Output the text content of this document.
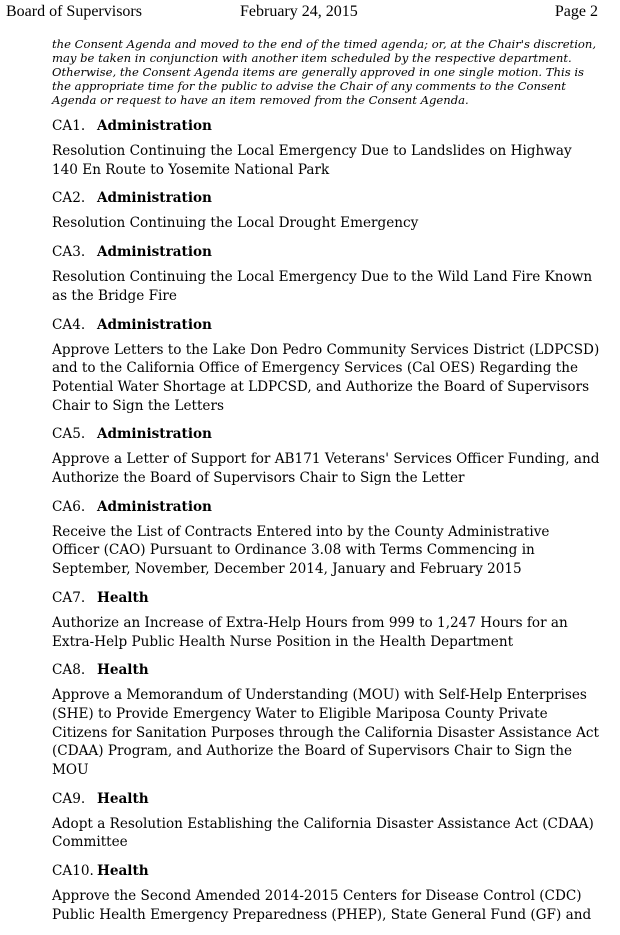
Board of Supervisors	February 24, 2015	Page 2

the Consent Agenda and moved to the end of the timed agenda; or, at the Chair's discretion, may be taken in conjunction with another item scheduled by the respective department. Otherwise, the Consent Agenda items are generally approved in one single motion. This is the appropriate time for the public to advise the Chair of any comments to the Consent Agenda or request to have an item removed from the Consent Agenda.

CA1. Administration

Resolution Continuing the Local Emergency Due to Landslides on Highway 140 En Route to Yosemite National Park

CA2. Administration

Resolution Continuing the Local Drought Emergency

CA3. Administration

Resolution Continuing the Local Emergency Due to the Wild Land Fire Known as the Bridge Fire

CA4. Administration

Approve Letters to the Lake Don Pedro Community Services District (LDPCSD) and to the California Office of Emergency Services (Cal OES) Regarding the Potential Water Shortage at LDPCSD, and Authorize the Board of Supervisors Chair to Sign the Letters

CA5. Administration

Approve a Letter of Support for AB171 Veterans' Services Officer Funding, and Authorize the Board of Supervisors Chair to Sign the Letter

CA6. Administration

Receive the List of Contracts Entered into by the County Administrative Officer (CAO) Pursuant to Ordinance 3.08 with Terms Commencing in September, November, December 2014, January and February 2015

CA7. Health

Authorize an Increase of Extra-Help Hours from 999 to 1,247 Hours for an Extra-Help Public Health Nurse Position in the Health Department

CA8. Health

Approve a Memorandum of Understanding (MOU) with Self-Help Enterprises (SHE) to Provide Emergency Water to Eligible Mariposa County Private Citizens for Sanitation Purposes through the California Disaster Assistance Act (CDAA) Program, and Authorize the Board of Supervisors Chair to Sign the MOU

CA9. Health

Adopt a Resolution Establishing the California Disaster Assistance Act (CDAA) Committee

CA10. Health

Approve the Second Amended 2014-2015 Centers for Disease Control (CDC) Public Health Emergency Preparedness (PHEP), State General Fund (GF) and
